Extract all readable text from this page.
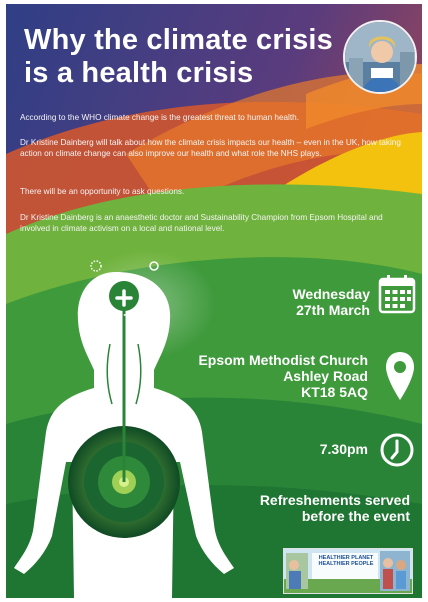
Why the climate crisis
is a health crisis
According to the WHO climate change is the greatest threat to human health.
Dr Kristine Dainberg will talk about how the climate crisis impacts our health – even in the UK, how taking action on climate change can also improve our health and what role the NHS plays.
There will be an opportunity to ask questions.
Dr Kristine Dainberg is an anaesthetic doctor and Sustainability Champion from Epsom Hospital and involved in climate activism on a local and national level.
Wednesday
27th March
Epsom Methodist Church
Ashley Road
KT18 5AQ
7.30pm
Refreshements served
before the event
HEALTHIER PLANET
HEALTHIER PEOPLE
